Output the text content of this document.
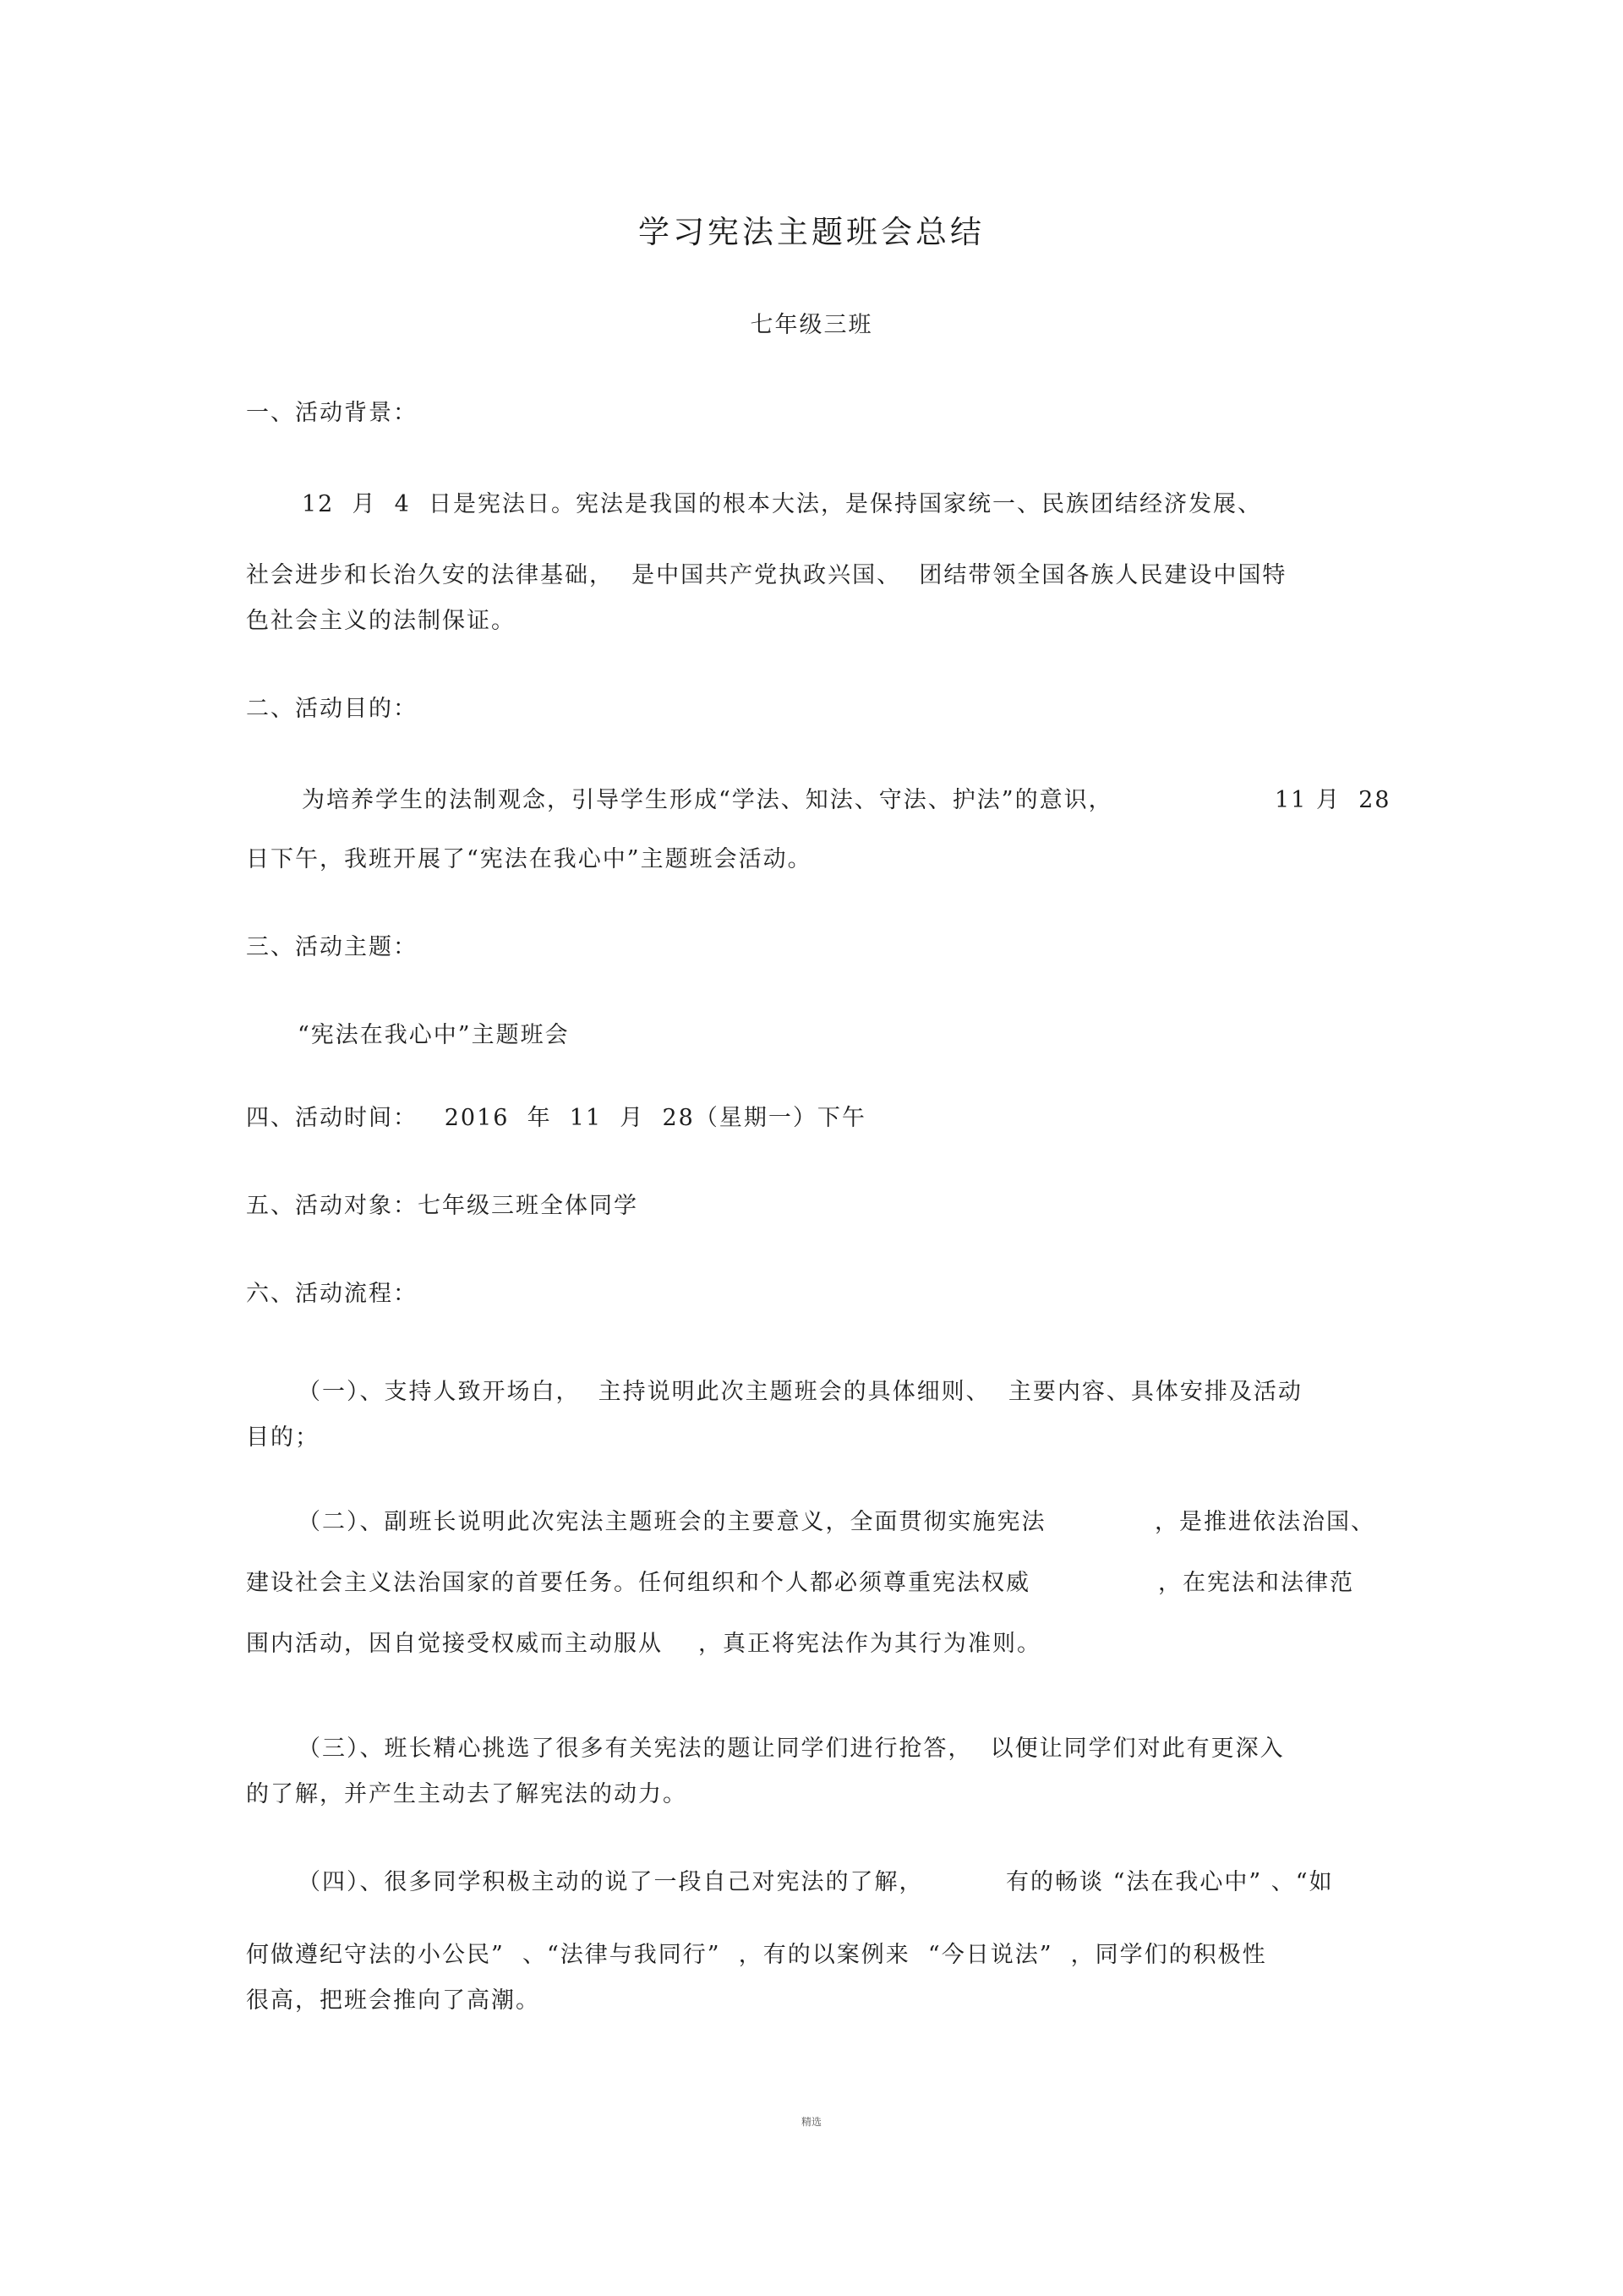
学习宪法主题班会总结
七年级三班
一、活动背景：
12  月  4  日是宪法日。宪法是我国的根本大法，是保持国家统一、民族团结经济发展、
社会进步和长治久安的法律基础，  是中国共产党执政兴国、  团结带领全国各族人民建设中国特
色社会主义的法制保证。
二、活动目的：
为培养学生的法制观念，引导学生形成“学法、知法、守法、护法”的意识，	11 月  28
日下午，我班开展了“宪法在我心中”主题班会活动。
三、活动主题：
“宪法在我心中”主题班会
四、活动时间：   2016  年  11  月  28（星期一）下午
五、活动对象：七年级三班全体同学
六、活动流程：
（一）、支持人致开场白，  主持说明此次主题班会的具体细则、  主要内容、具体安排及活动
目的；
（二）、副班长说明此次宪法主题班会的主要意义，全面贯彻实施宪法	，是推进依法治国、
建设社会主义法治国家的首要任务。任何组织和个人都必须尊重宪法权威	，在宪法和法律范
围内活动，因自觉接受权威而主动服从 ，真正将宪法作为其行为准则。
（三）、班长精心挑选了很多有关宪法的题让同学们进行抢答，  以便让同学们对此有更深入
的了解，并产生主动去了解宪法的动力。
（四）、很多同学积极主动的说了一段自己对宪法的了解，	有的畅谈 “法在我心中” 、“如
何做遵纪守法的小公民”  、“法律与我同行”  ，有的以案例来  “今日说法”  ，同学们的积极性
很高，把班会推向了高潮。
精选
